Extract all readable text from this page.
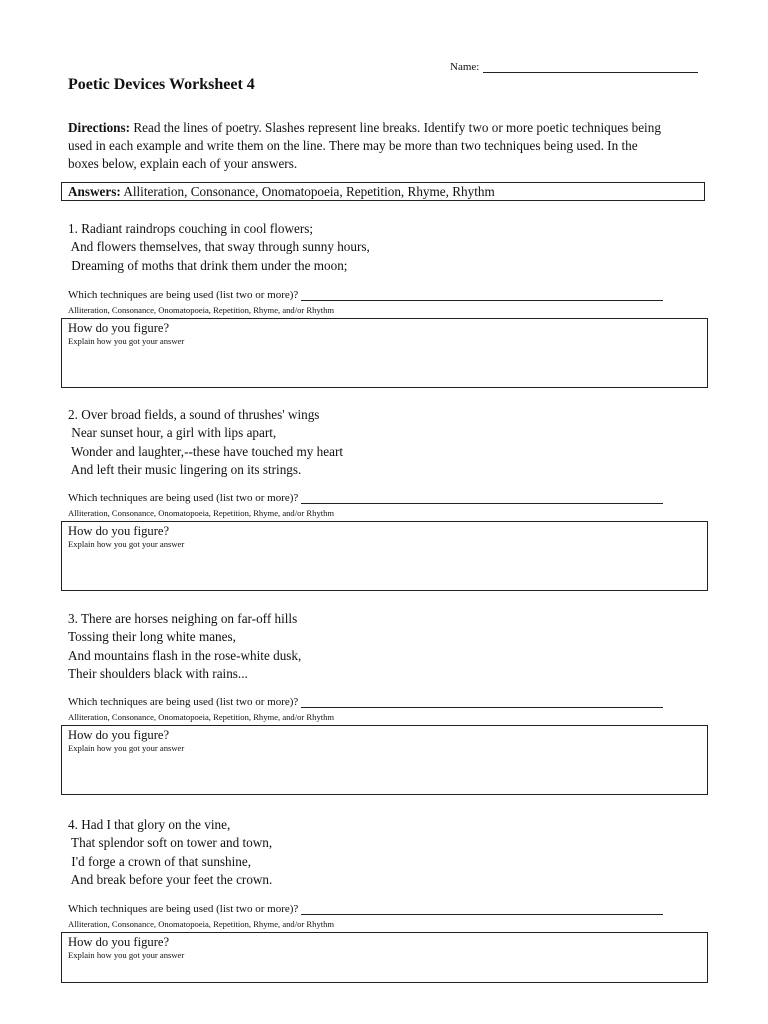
Name:
Poetic Devices Worksheet 4
Directions: Read the lines of poetry. Slashes represent line breaks. Identify two or more poetic techniques being used in each example and write them on the line. There may be more than two techniques being used. In the boxes below, explain each of your answers.
Answers: Alliteration, Consonance, Onomatopoeia, Repetition, Rhyme, Rhythm
1. Radiant raindrops couching in cool flowers;
And flowers themselves, that sway through sunny hours,
Dreaming of moths that drink them under the moon;
Which techniques are being used (list two or more)?
Alliteration, Consonance, Onomatopoeia, Repetition, Rhyme, and/or Rhythm
How do you figure?
Explain how you got your answer
2. Over broad fields, a sound of thrushes' wings
Near sunset hour, a girl with lips apart,
Wonder and laughter,--these have touched my heart
And left their music lingering on its strings.
Which techniques are being used (list two or more)?
Alliteration, Consonance, Onomatopoeia, Repetition, Rhyme, and/or Rhythm
How do you figure?
Explain how you got your answer
3. There are horses neighing on far-off hills
Tossing their long white manes,
And mountains flash in the rose-white dusk,
Their shoulders black with rains...
Which techniques are being used (list two or more)?
Alliteration, Consonance, Onomatopoeia, Repetition, Rhyme, and/or Rhythm
How do you figure?
Explain how you got your answer
4. Had I that glory on the vine,
That splendor soft on tower and town,
I'd forge a crown of that sunshine,
And break before your feet the crown.
Which techniques are being used (list two or more)?
Alliteration, Consonance, Onomatopoeia, Repetition, Rhyme, and/or Rhythm
How do you figure?
Explain how you got your answer
